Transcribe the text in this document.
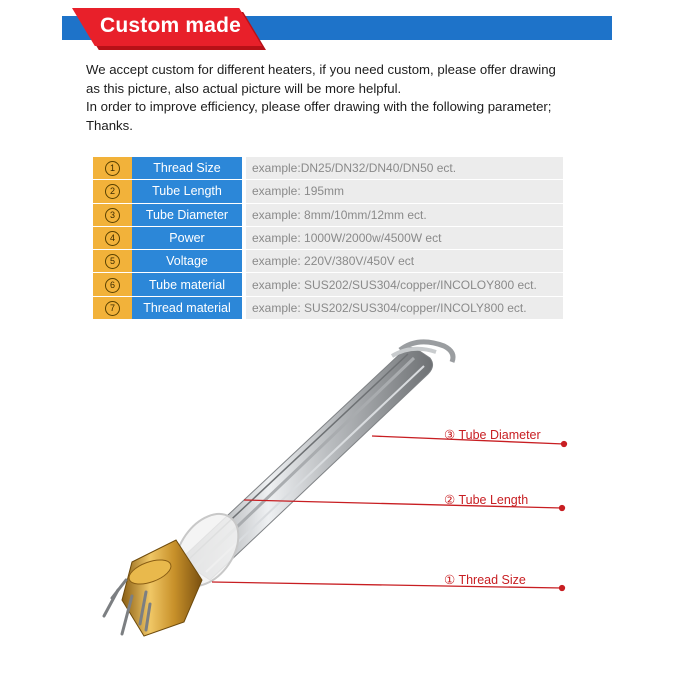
Custom made

We accept custom for different heaters, if you need custom, please offer drawing

as this picture, also actual picture will be more helpful.

In order to improve efficiency, please offer drawing with the following parameter;

Thanks.

1	Thread Size		example:DN25/DN32/DN40/DN50 ect.
2	Tube Length		example: 195mm
3	Tube Diameter		example: 8mm/10mm/12mm ect.
4	Power		example: 1000W/2000w/4500W ect
5	Voltage		example: 220V/380V/450V ect
6	Tube material		example: SUS202/SUS304/copper/INCOLOY800 ect.
7	Thread material		example: SUS202/SUS304/copper/INCOLY800 ect.
③ Tube Diameter
② Tube Length
① Thread Size
